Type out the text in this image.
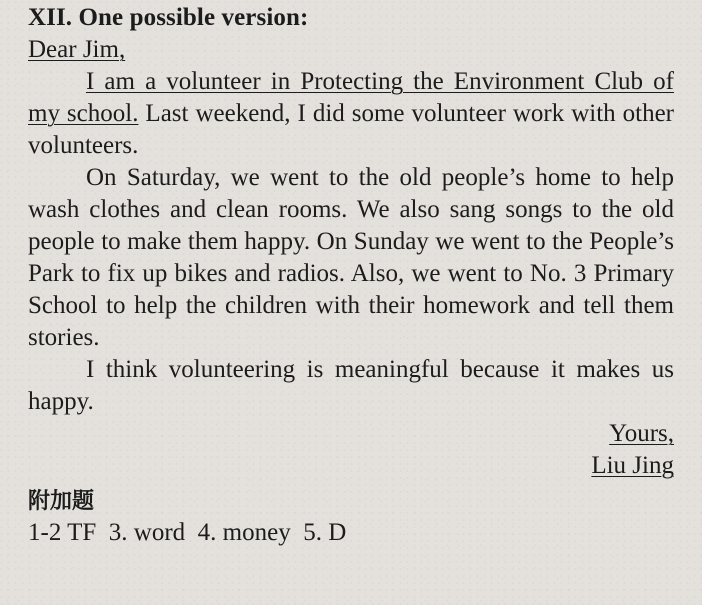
XII. One possible version:

Dear Jim,

I am a volunteer in Protecting the Environment Club of my school. Last weekend, I did some volunteer work with other volunteers.

On Saturday, we went to the old people’s home to help wash clothes and clean rooms. We also sang songs to the old people to make them happy. On Sunday we went to the People’s Park to fix up bikes and radios. Also, we went to No. 3 Primary School to help the children with their homework and tell them stories.

I think volunteering is meaningful because it makes us happy.

Yours,

Liu Jing

附加题

1-2 TF  3. word  4. money  5. D
